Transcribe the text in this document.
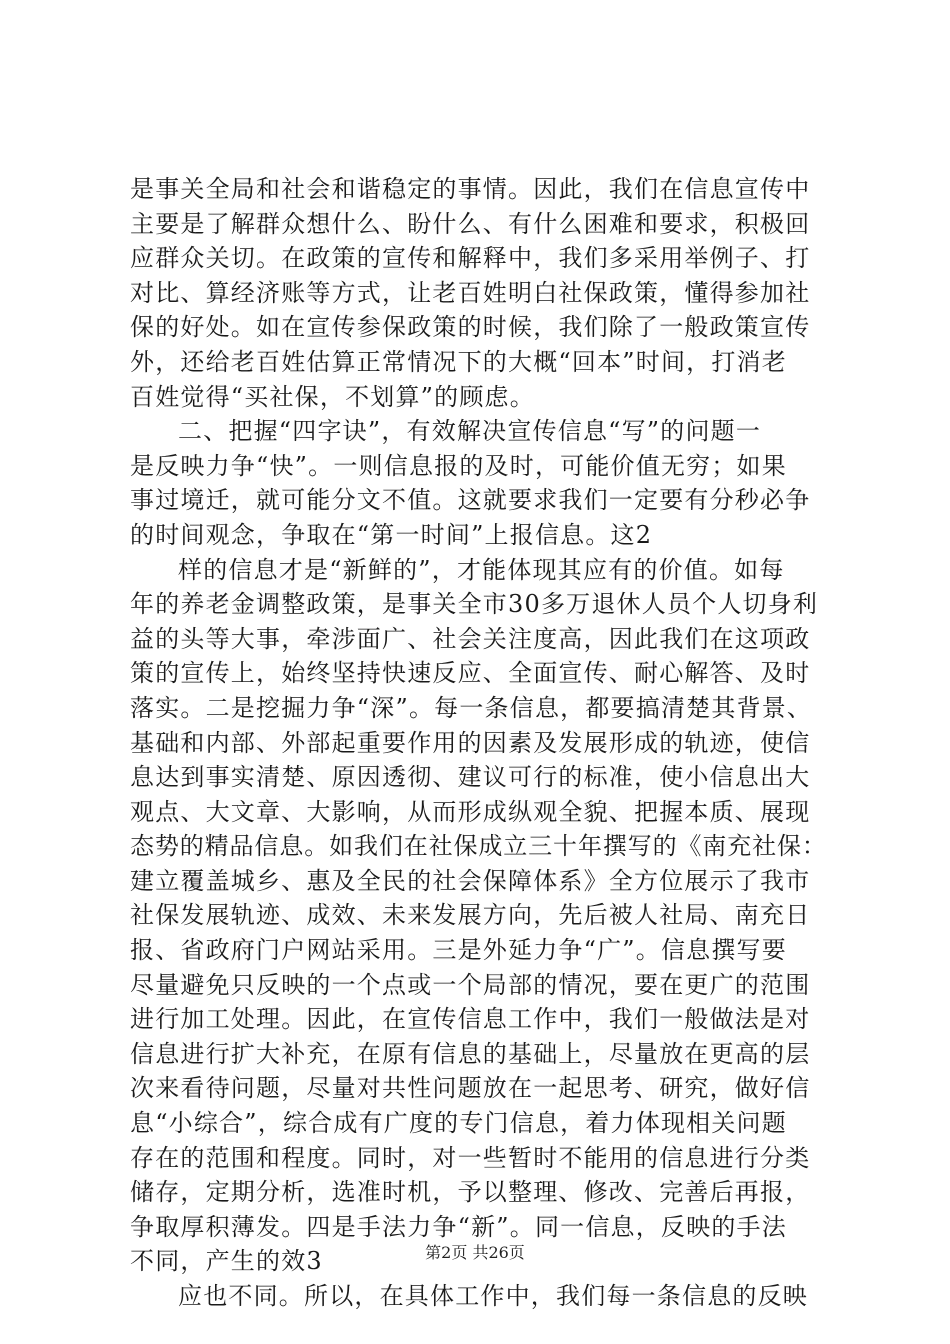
是事关全局和社会和谐稳定的事情。因此，我们在信息宣传中
主要是了解群众想什么、盼什么、有什么困难和要求，积极回
应群众关切。在政策的宣传和解释中，我们多采用举例子、打
对比、算经济账等方式，让老百姓明白社保政策，懂得参加社
保的好处。如在宣传参保政策的时候，我们除了一般政策宣传
外，还给老百姓估算正常情况下的大概“回本”时间，打消老
百姓觉得“买社保，不划算”的顾虑。
二、把握“四字诀”，有效解决宣传信息“写”的问题一
是反映力争“快”。一则信息报的及时，可能价值无穷；如果
事过境迁，就可能分文不值。这就要求我们一定要有分秒必争
的时间观念，争取在“第一时间”上报信息。这2
样的信息才是“新鲜的”，才能体现其应有的价值。如每
年的养老金调整政策，是事关全市30多万退休人员个人切身利
益的头等大事，牵涉面广、社会关注度高，因此我们在这项政
策的宣传上，始终坚持快速反应、全面宣传、耐心解答、及时
落实。二是挖掘力争“深”。每一条信息，都要搞清楚其背景、
基础和内部、外部起重要作用的因素及发展形成的轨迹，使信
息达到事实清楚、原因透彻、建议可行的标准，使小信息出大
观点、大文章、大影响，从而形成纵观全貌、把握本质、展现
态势的精品信息。如我们在社保成立三十年撰写的《南充社保：
建立覆盖城乡、惠及全民的社会保障体系》全方位展示了我市
社保发展轨迹、成效、未来发展方向，先后被人社局、南充日
报、省政府门户网站采用。三是外延力争“广”。信息撰写要
尽量避免只反映的一个点或一个局部的情况，要在更广的范围
进行加工处理。因此，在宣传信息工作中，我们一般做法是对
信息进行扩大补充，在原有信息的基础上，尽量放在更高的层
次来看待问题，尽量对共性问题放在一起思考、研究，做好信
息“小综合”，综合成有广度的专门信息，着力体现相关问题
存在的范围和程度。同时，对一些暂时不能用的信息进行分类
储存，定期分析，选准时机，予以整理、修改、完善后再报，
争取厚积薄发。四是手法力争“新”。同一信息，反映的手法
不同，产生的效3
应也不同。所以，在具体工作中，我们每一条信息的反映
第2页 共26页
